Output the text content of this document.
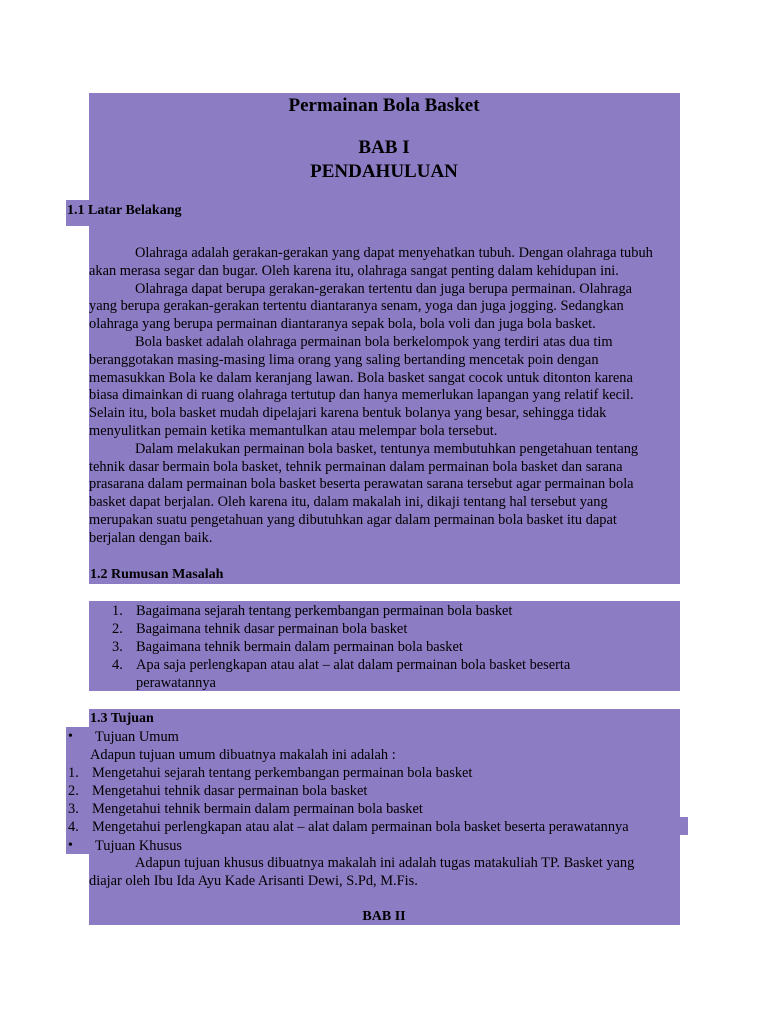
Permainan Bola Basket
BAB I
PENDAHULUAN
1.1 Latar Belakang
Olahraga adalah gerakan-gerakan yang dapat menyehatkan tubuh. Dengan olahraga tubuh
akan merasa segar dan bugar. Oleh karena itu, olahraga sangat penting dalam kehidupan ini.
Olahraga dapat berupa gerakan-gerakan tertentu dan juga berupa permainan. Olahraga
yang berupa gerakan-gerakan tertentu diantaranya senam, yoga dan juga jogging. Sedangkan
olahraga yang berupa permainan diantaranya sepak bola, bola voli dan juga bola basket.
Bola basket adalah olahraga permainan bola berkelompok yang terdiri atas dua tim
beranggotakan masing-masing lima orang yang saling bertanding mencetak poin dengan
memasukkan Bola ke dalam keranjang lawan. Bola basket sangat cocok untuk ditonton karena
biasa dimainkan di ruang olahraga tertutup dan hanya memerlukan lapangan yang relatif kecil.
Selain itu, bola basket mudah dipelajari karena bentuk bolanya yang besar, sehingga tidak
menyulitkan pemain ketika memantulkan atau melempar bola tersebut.
Dalam melakukan permainan bola basket, tentunya membutuhkan pengetahuan tentang
tehnik dasar bermain bola basket, tehnik permainan dalam permainan bola basket dan sarana
prasarana dalam permainan bola basket beserta perawatan sarana tersebut agar permainan bola
basket dapat berjalan. Oleh karena itu, dalam makalah ini, dikaji tentang hal tersebut yang
merupakan suatu pengetahuan yang dibutuhkan agar dalam permainan bola basket itu dapat
berjalan dengan baik.
1.2 Rumusan Masalah
1. Bagaimana sejarah tentang perkembangan permainan bola basket
2. Bagaimana tehnik dasar permainan bola basket
3. Bagaimana tehnik bermain dalam permainan bola basket
4. Apa saja perlengkapan atau alat – alat dalam permainan bola basket beserta
perawatannya
1.3 Tujuan
• Tujuan Umum
Adapun tujuan umum dibuatnya makalah ini adalah :
1. Mengetahui sejarah tentang perkembangan permainan bola basket
2. Mengetahui tehnik dasar permainan bola basket
3. Mengetahui tehnik bermain dalam permainan bola basket
4. Mengetahui perlengkapan atau alat – alat dalam permainan bola basket beserta perawatannya
• Tujuan Khusus
Adapun tujuan khusus dibuatnya makalah ini adalah tugas matakuliah TP. Basket yang
diajar oleh Ibu Ida Ayu Kade Arisanti Dewi, S.Pd, M.Fis.
BAB II
